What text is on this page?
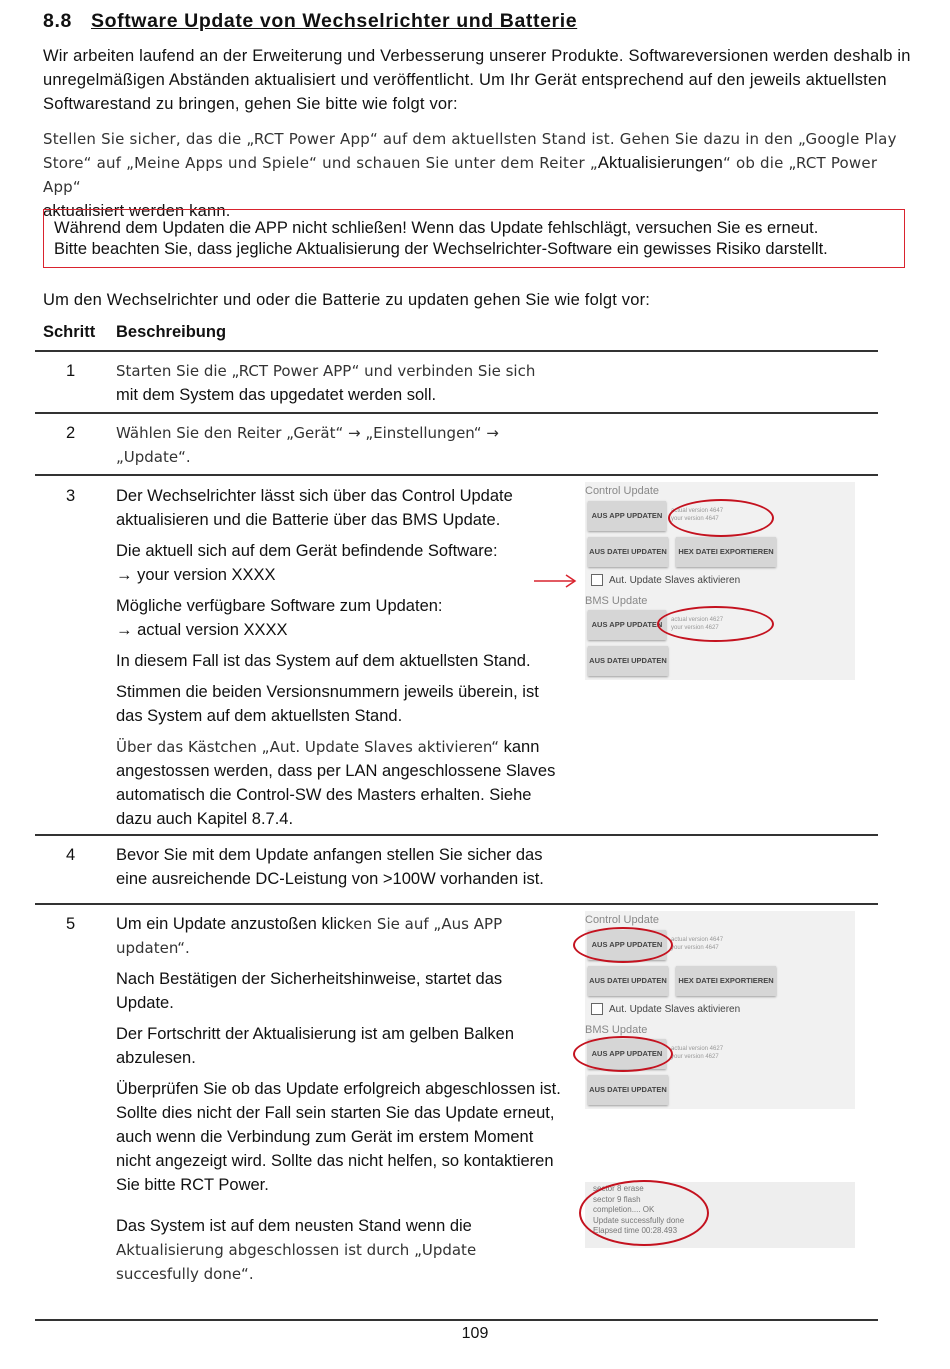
8.8 Software Update von Wechselrichter und Batterie
Wir arbeiten laufend an der Erweiterung und Verbesserung unserer Produkte. Softwareversionen werden deshalb in unregelmäßigen Abständen aktualisiert und veröffentlicht. Um Ihr Gerät entsprechend auf den jeweils aktuellsten Softwarestand zu bringen, gehen Sie bitte wie folgt vor:
Stellen Sie sicher, das die „RCT Power App“ auf dem aktuellsten Stand ist. Gehen Sie dazu in den „Google Play
Store“ auf „Meine Apps und Spiele“ und schauen Sie unter dem Reiter „Aktualisierungen“ ob die „RCT Power App“
aktualisiert werden kann.
Während dem Updaten die APP nicht schließen! Wenn das Update fehlschlägt, versuchen Sie es erneut.
Bitte beachten Sie, dass jegliche Aktualisierung der Wechselrichter-Software ein gewisses Risiko darstellt.
Um den Wechselrichter und oder die Batterie zu updaten gehen Sie wie folgt vor:
Schritt Beschreibung
1	Starten Sie die „RCT Power APP“ und verbinden Sie sich
mit dem System das upgedatet werden soll.
2	Wählen Sie den Reiter „Gerät“ → „Einstellungen“ →
„Update“.
3 Der Wechselrichter lässt sich über das Control Update aktualisieren und die Batterie über das BMS Update.

Die aktuell sich auf dem Gerät befindende Software:
→ your version XXXX

Mögliche verfügbare Software zum Updaten:
→ actual version XXXX

In diesem Fall ist das System auf dem aktuellsten Stand.

Stimmen die beiden Versionsnummern jeweils überein, ist das System auf dem aktuellsten Stand.

Über das Kästchen „Aut. Update Slaves aktivieren“ kann angestossen werden, dass per LAN angeschlossene Slaves automatisch die Control-SW des Masters erhalten. Siehe dazu auch Kapitel 8.7.4.

Control Update
AUS APP UPDATEN	actual version 4647
your version 4647
AUS DATEI UPDATEN	HEX DATEI EXPORTIEREN
Aut. Update Slaves aktivieren
BMS Update
AUS APP UPDATEN	actual version 4627
your version 4627
AUS DATEI UPDATEN
4 Bevor Sie mit dem Update anfangen stellen Sie sicher das eine ausreichende DC-Leistung von >100W vorhanden ist.
5 Um ein Update anzustoßen klicken Sie auf „Aus APP updaten“.

Nach Bestätigen der Sicherheitshinweise, startet das Update.

Der Fortschritt der Aktualisierung ist am gelben Balken abzulesen.

Überprüfen Sie ob das Update erfolgreich abgeschlossen ist.

Sollte dies nicht der Fall sein starten Sie das Update erneut, auch wenn die Verbindung zum Gerät im erstem Moment nicht angezeigt wird. Sollte das nicht helfen, so kontaktieren Sie bitte RCT Power.

Das System ist auf dem neusten Stand wenn die
Aktualisierung abgeschlossen ist durch „Update succesfully done“.

Control Update
AUS APP UPDATEN	actual version 4647
your version 4647
AUS DATEI UPDATEN	HEX DATEI EXPORTIEREN
Aut. Update Slaves aktivieren
BMS Update
AUS APP UPDATEN	actual version 4627
your version 4627
AUS DATEI UPDATEN
sector 8 erase
sector 9 flash
completion.... OK
Update successfully done
Elapsed time 00:28.493
109
